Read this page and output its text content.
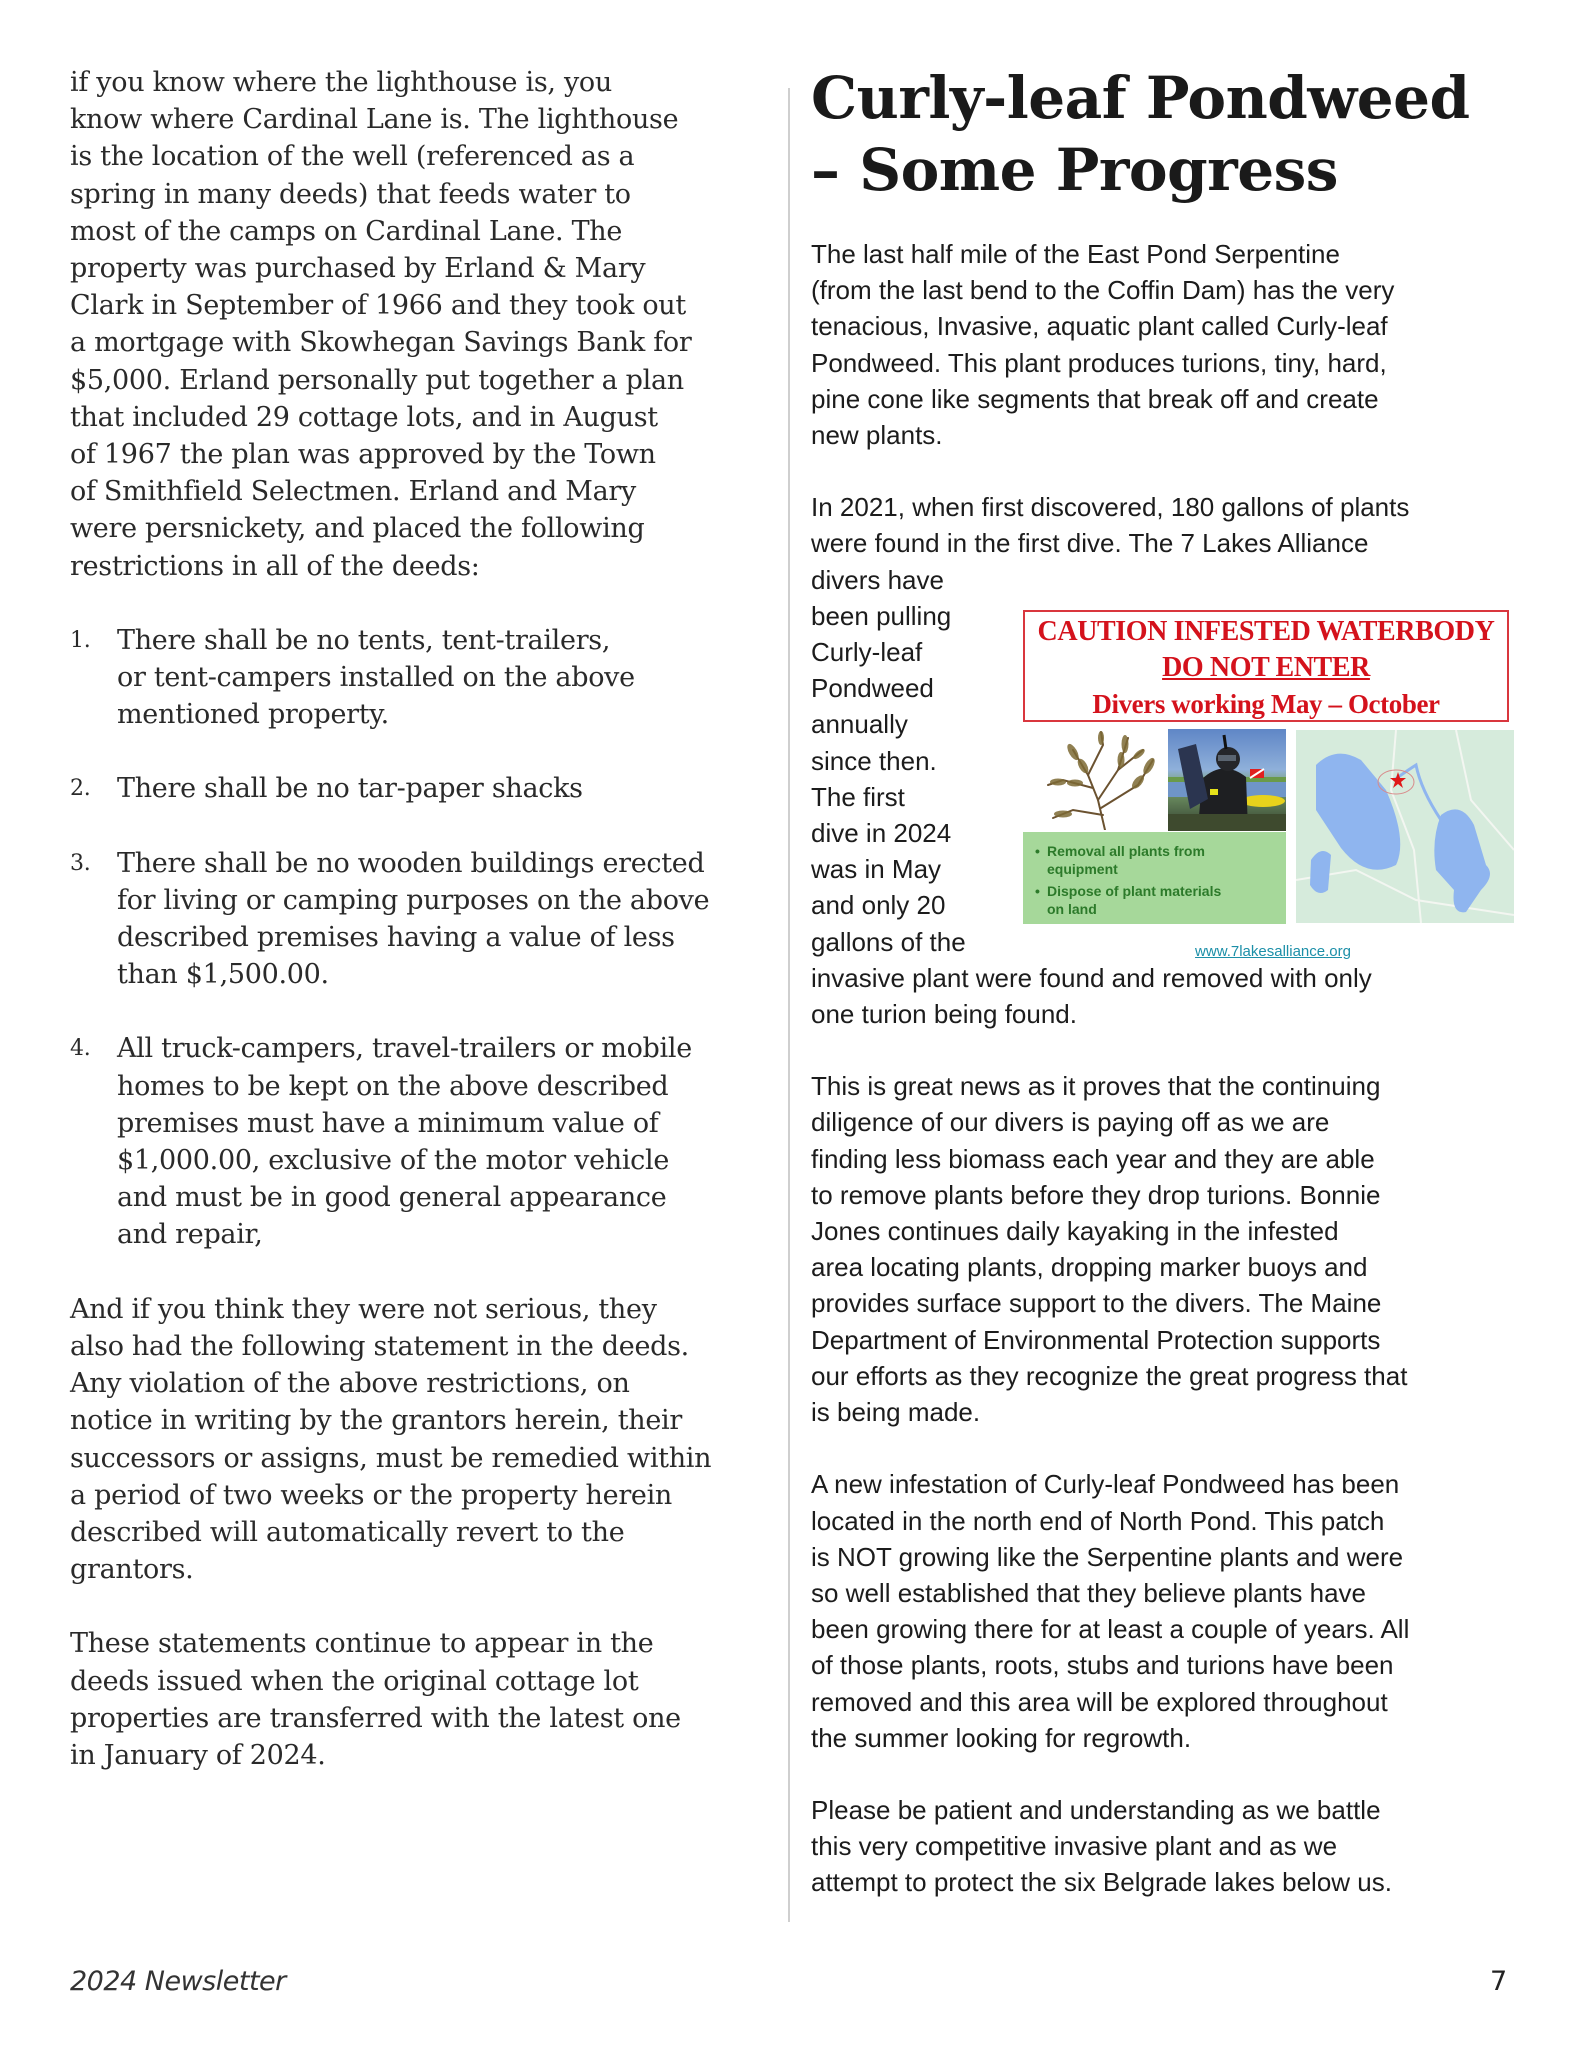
if you know where the lighthouse is, you
know where Cardinal Lane is. The lighthouse
is the location of the well (referenced as a
spring in many deeds) that feeds water to
most of the camps on Cardinal Lane. The
property was purchased by Erland & Mary
Clark in September of 1966 and they took out
a mortgage with Skowhegan Savings Bank for
$5,000. Erland personally put together a plan
that included 29 cottage lots, and in August
of 1967 the plan was approved by the Town
of Smithfield Selectmen. Erland and Mary
were persnickety, and placed the following
restrictions in all of the deeds:
1. There shall be no tents, tent-trailers,
or tent-campers installed on the above
mentioned property.
2. There shall be no tar-paper shacks
3. There shall be no wooden buildings erected
for living or camping purposes on the above
described premises having a value of less
than $1,500.00.
4. All truck-campers, travel-trailers or mobile
homes to be kept on the above described
premises must have a minimum value of
$1,000.00, exclusive of the motor vehicle
and must be in good general appearance
and repair,
And if you think they were not serious, they
also had the following statement in the deeds.
Any violation of the above restrictions, on
notice in writing by the grantors herein, their
successors or assigns, must be remedied within
a period of two weeks or the property herein
described will automatically revert to the
grantors.
These statements continue to appear in the
deeds issued when the original cottage lot
properties are transferred with the latest one
in January of 2024.
Curly-leaf Pondweed
– Some Progress
The last half mile of the East Pond Serpentine
(from the last bend to the Coffin Dam) has the very
tenacious, Invasive, aquatic plant called Curly-leaf
Pondweed. This plant produces turions, tiny, hard,
pine cone like segments that break off and create
new plants.
In 2021, when first discovered, 180 gallons of plants
were found in the first dive. The 7 Lakes Alliance
divers have
been pulling
Curly-leaf
Pondweed
annually
since then.
The first
dive in 2024
was in May
and only 20
gallons of the
CAUTION INFESTED WATERBODY
DO NOT ENTER
Divers working May – October
• Removal all plants from
equipment
• Dispose of plant materials
on land
www.7lakesalliance.org
invasive plant were found and removed with only
one turion being found.
This is great news as it proves that the continuing
diligence of our divers is paying off as we are
finding less biomass each year and they are able
to remove plants before they drop turions. Bonnie
Jones continues daily kayaking in the infested
area locating plants, dropping marker buoys and
provides surface support to the divers. The Maine
Department of Environmental Protection supports
our efforts as they recognize the great progress that
is being made.
A new infestation of Curly-leaf Pondweed has been
located in the north end of North Pond. This patch
is NOT growing like the Serpentine plants and were
so well established that they believe plants have
been growing there for at least a couple of years. All
of those plants, roots, stubs and turions have been
removed and this area will be explored throughout
the summer looking for regrowth.
Please be patient and understanding as we battle
this very competitive invasive plant and as we
attempt to protect the six Belgrade lakes below us.
2024 Newsletter	7
